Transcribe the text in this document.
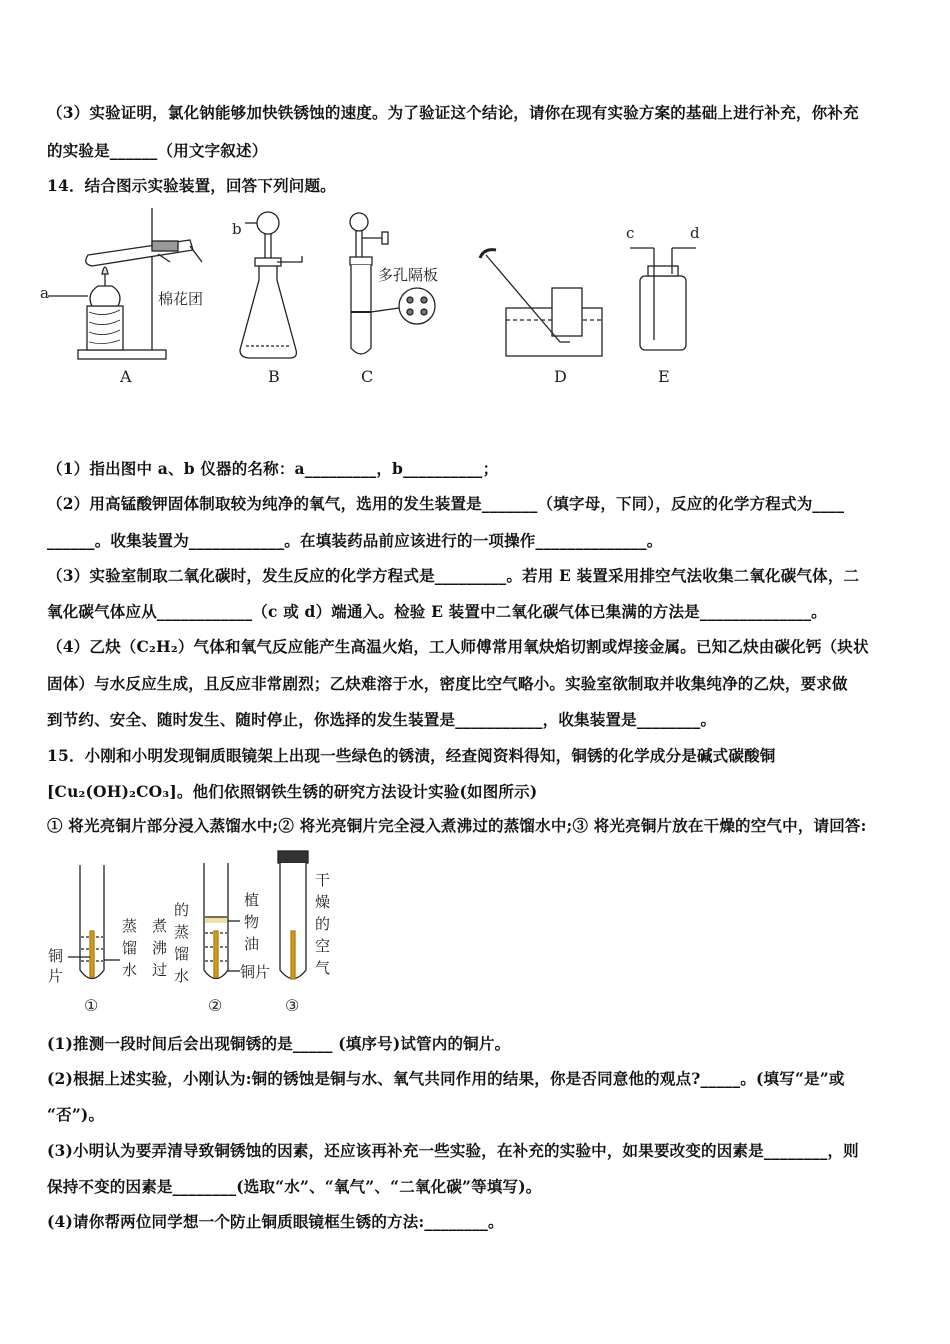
（3）实验证明，氯化钠能够加快铁锈蚀的速度。为了验证这个结论，请你在现有实验方案的基础上进行补充，你补充
的实验是______（用文字叙述）
14．结合图示实验装置，回答下列问题。
a	棉花团
b
多孔隔板
c	d
A	B	C	D	E
（1）指出图中 a、b 仪器的名称：a_________，b__________；
（2）用高锰酸钾固体制取较为纯净的氧气，选用的发生装置是_______（填字母，下同），反应的化学方程式为____
______。收集装置为____________。在填装药品前应该进行的一项操作______________。
（3）实验室制取二氧化碳时，发生反应的化学方程式是_________。若用 E 装置采用排空气法收集二氧化碳气体，二
氧化碳气体应从____________（c 或 d）端通入。检验 E 装置中二氧化碳气体已集满的方法是______________。
（4）乙炔（C₂H₂）气体和氧气反应能产生高温火焰，工人师傅常用氧炔焰切割或焊接金属。已知乙炔由碳化钙（块状
固体）与水反应生成，且反应非常剧烈；乙炔难溶于水，密度比空气略小。实验室欲制取并收集纯净的乙炔，要求做
到节约、安全、随时发生、随时停止，你选择的发生装置是___________，收集装置是________。
15．小刚和小明发现铜质眼镜架上出现一些绿色的锈渍，经查阅资料得知，铜锈的化学成分是碱式碳酸铜
[Cu₂(OH)₂CO₃]。他们依照钢铁生锈的研究方法设计实验(如图所示)
① 将光亮铜片部分浸入蒸馏水中;② 将光亮铜片完全浸入煮沸过的蒸馏水中;③ 将光亮铜片放在干燥的空气中，请回答:
铜
片
蒸
馏
水
煮
沸
过
的
蒸
馏
水
植
物
油
铜片
干
燥
的
空
气
①	②	③
(1)推测一段时间后会出现铜锈的是_____ (填序号)试管内的铜片。
(2)根据上述实验，小刚认为:铜的锈蚀是铜与水、氧气共同作用的结果，你是否同意他的观点?_____。(填写“是”或
“否”)。
(3)小明认为要弄清导致铜锈蚀的因素，还应该再补充一些实验，在补充的实验中，如果要改变的因素是________，则
保持不变的因素是________(选取“水”、“氧气”、“二氧化碳”等填写)。
(4)请你帮两位同学想一个防止铜质眼镜框生锈的方法:________。
